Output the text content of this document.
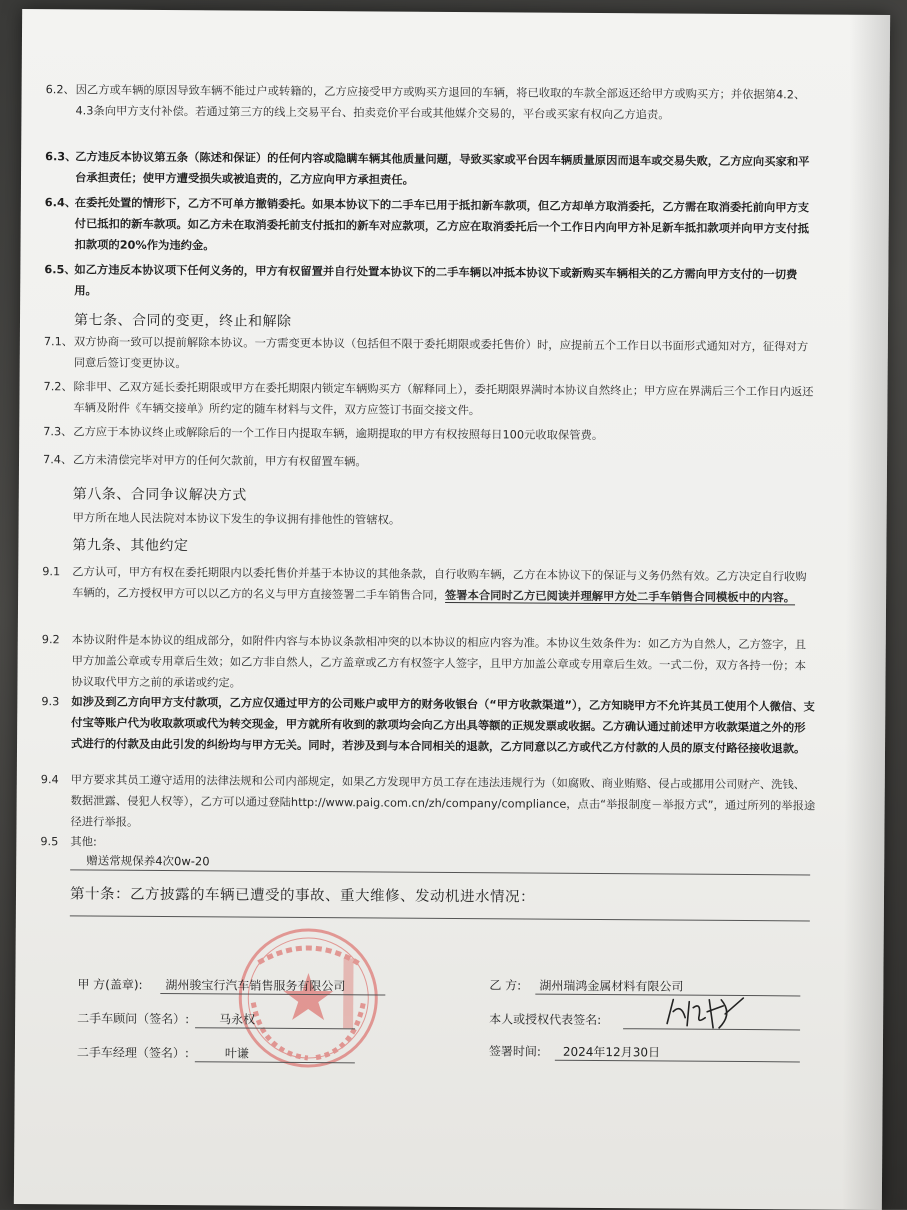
6.2、 因乙方或车辆的原因导致车辆不能过户或转籍的，乙方应接受甲方或购买方退回的车辆，将已收取的车款全部返还给甲方或购买方；并依据第4.2、4.3条向甲方支付补偿。若通过第三方的线上交易平台、拍卖竞价平台或其他媒介交易的，平台或买家有权向乙方追责。
6.3、
乙方违反本协议第五条（陈述和保证）的任何内容或隐瞒车辆其他质量问题，导致买家或平台因车辆质量原因而退车或交易失败，乙方应向买家和平台承担责任；使甲方遭受损失或被追责的，乙方应向甲方承担责任。
6.4、
在委托处置的情形下，乙方不可单方撤销委托。如果本协议下的二手车已用于抵扣新车款项，但乙方却单方取消委托，乙方需在取消委托前向甲方支付已抵扣的新车款项。如乙方未在取消委托前支付抵扣的新车对应款项，乙方应在取消委托后一个工作日内向甲方补足新车抵扣款项并向甲方支付抵扣款项的20%作为违约金。
6.5、
如乙方违反本协议项下任何义务的，甲方有权留置并自行处置本协议下的二手车辆以冲抵本协议下或新购买车辆相关的乙方需向甲方支付的一切费用。
第七条、合同的变更，终止和解除
7.1、 双方协商一致可以提前解除本协议。一方需变更本协议（包括但不限于委托期限或委托售价）时，应提前五个工作日以书面形式通知对方，征得对方同意后签订变更协议。
7.2、 除非甲、乙双方延长委托期限或甲方在委托期限内锁定车辆购买方（解释同上），委托期限界满时本协议自然终止；甲方应在界满后三个工作日内返还车辆及附件《车辆交接单》所约定的随车材料与文件，双方应签订书面交接文件。
7.3、 乙方应于本协议终止或解除后的一个工作日内提取车辆，逾期提取的甲方有权按照每日100元收取保管费。
7.4、 乙方未清偿完毕对甲方的任何欠款前，甲方有权留置车辆。
第八条、合同争议解决方式
甲方所在地人民法院对本协议下发生的争议拥有排他性的管辖权。
第九条、其他约定
9.1 乙方认可，甲方有权在委托期限内以委托售价并基于本协议的其他条款，自行收购车辆，乙方在本协议下的保证与义务仍然有效。乙方决定自行收购车辆的，乙方授权甲方可以以乙方的名义与甲方直接签署二手车销售合同，签署本合同时乙方已阅读并理解甲方处二手车销售合同模板中的内容。
9.2 本协议附件是本协议的组成部分，如附件内容与本协议条款相冲突的以本协议的相应内容为准。本协议生效条件为：如乙方为自然人，乙方签字，且甲方加盖公章或专用章后生效；如乙方非自然人，乙方盖章或乙方有权签字人签字，且甲方加盖公章或专用章后生效。一式二份，双方各持一份；本协议取代甲方之前的承诺或约定。
9.3 如涉及到乙方向甲方支付款项，乙方应仅通过甲方的公司账户或甲方的财务收银台（“甲方收款渠道”），乙方知晓甲方不允许其员工使用个人微信、支付宝等账户代为收取款项或代为转交现金，甲方就所有收到的款项均会向乙方出具等额的正规发票或收据。乙方确认通过前述甲方收款渠道之外的形式进行的付款及由此引发的纠纷均与甲方无关。同时，若涉及到与本合同相关的退款，乙方同意以乙方或代乙方付款的人员的原支付路径接收退款。
9.4 甲方要求其员工遵守适用的法律法规和公司内部规定，如果乙方发现甲方员工存在违法违规行为（如腐败、商业贿赂、侵占或挪用公司财产、洗钱、数据泄露、侵犯人权等），乙方可以通过登陆http://www.paig.com.cn/zh/company/compliance，点击“举报制度－举报方式”，通过所列的举报途径进行举报。
9.5 其他:
赠送常规保养4次0w-20
第十条：乙方披露的车辆已遭受的事故、重大维修、发动机进水情况：
甲 方(盖章): 湖州骏宝行汽车销售服务有限公司
二手车顾问（签名）: 马永权
二手车经理（签名）:	叶谦
乙 方: 湖州瑞鸿金属材料有限公司
本人或授权代表签名:
签署时间: 2024年12月30日
